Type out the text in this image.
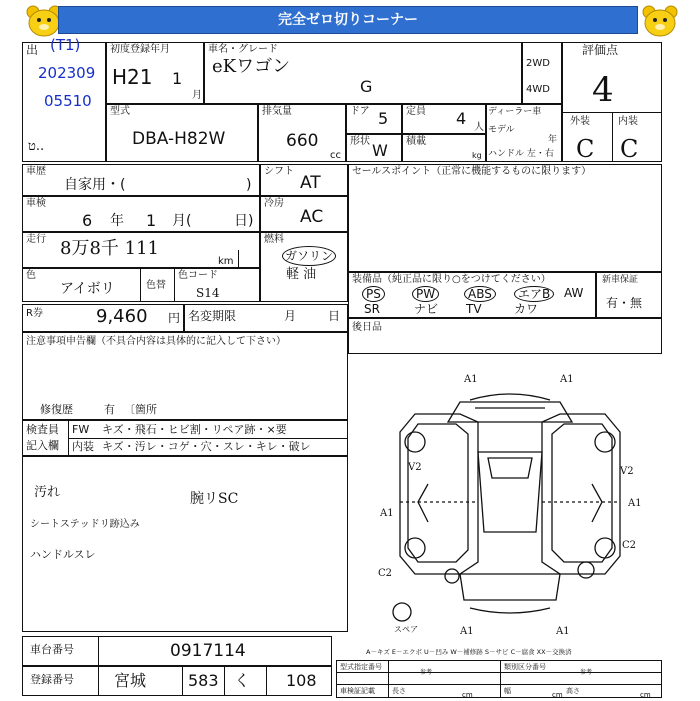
完全ゼロ切りコーナー
出 (T1)
202309
05510
ט..
初度登録年月
H21 1
月
車名・グレード
eKワゴン
G
2WD
4WD
評価点
4
外装	内装
C C
型式
DBA-H82W
排気量
660
cc
ドア 5 定員 4 人
ディーラー車
モデル
年
ハンドル 左・右
形状 W 積載
kg
車歴
自家用・(	)
シフト
AT
セールスポイント（正常に機能するものに限ります）
車検
6 年 1 月(	日)
冷房
AC
走行 8万8千 111
km
燃料
ガソリン
軽 油
色
アイボリ	色替
色コード
S14
装備品（純正品に限り○をつけてください）
PS	PW	ABS	エアB	AW
SR	ナビ TV	カワ
新車保証
有・無
R券	9,460 円 名変期限	月	日
注意事項申告欄（不具合内容は具体的に記入して下さい）
修復歴	有 〔箇所
後日品
検査員
記入欄
FW キズ・飛石・ヒビ割・リペア跡・×要
内装 キズ・汚レ・コゲ・穴・スレ・キレ・破レ
汚れ
シートステッドリ跡込み
ハンドルスレ
腕リSC
A1	A1
V2	V2
A1
A1
C2
C2
A1	A1
スペア
A－キズ E－エクボ U－凹み W－補修跡 S－サビ C－腐食 XX－交換済
車台番号	0917114
登録番号	宮城	583 く 108
型式指定番号
参考
類別区分番号
参考
車検証記載 長さ	cm	幅	cm 高さ	cm
